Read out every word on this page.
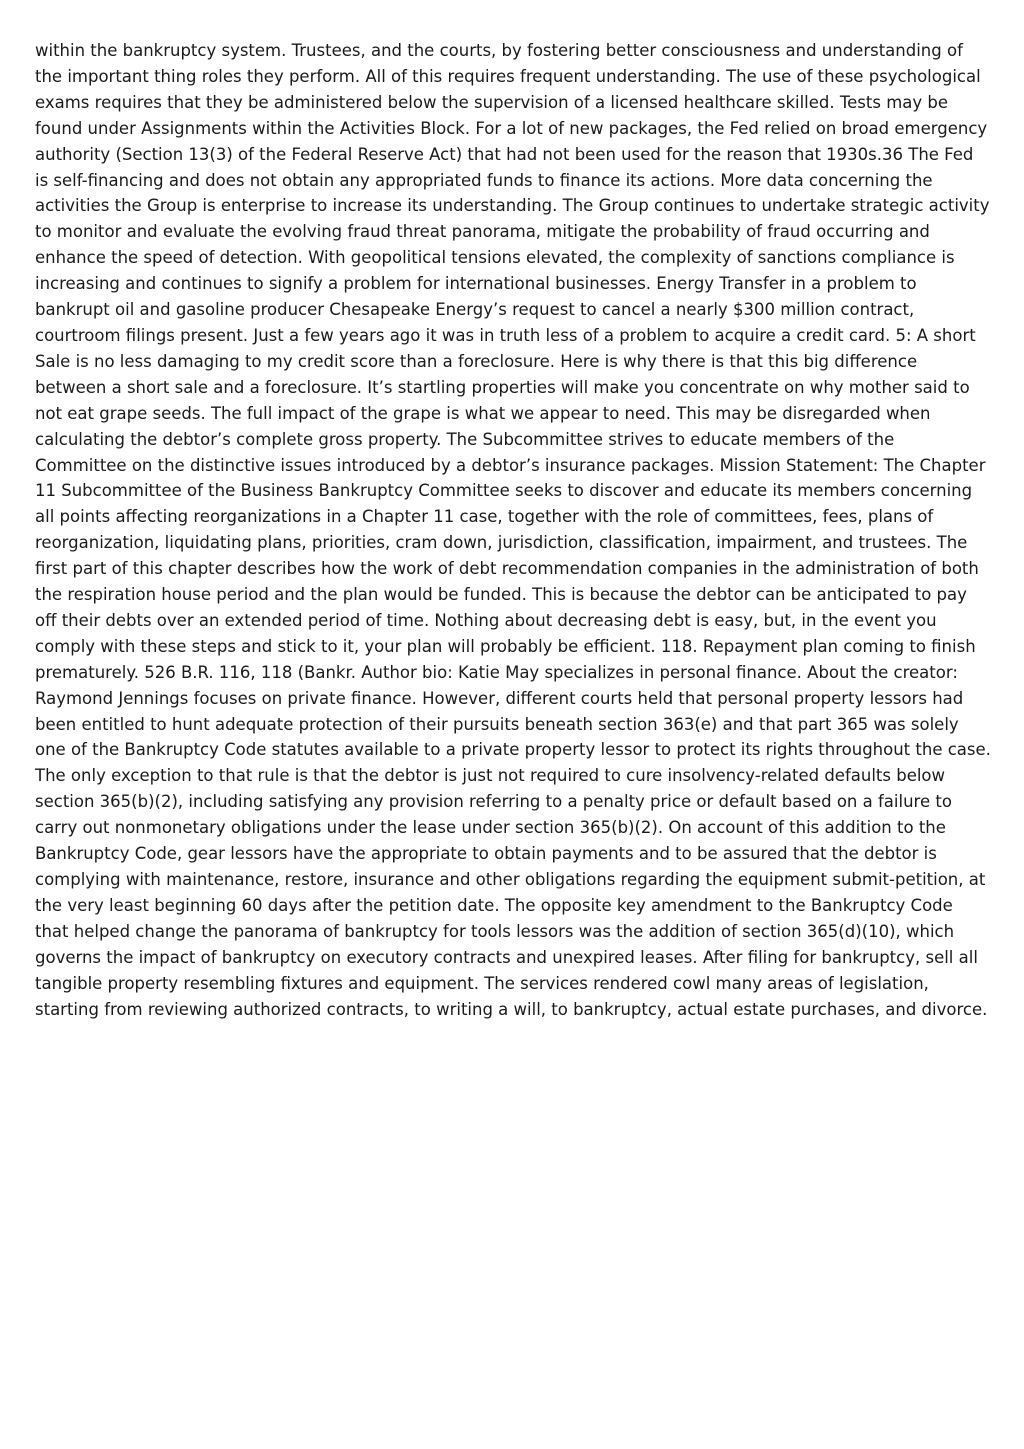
within the bankruptcy system. Trustees, and the courts, by fostering better consciousness and understanding of the important thing roles they perform. All of this requires frequent understanding. The use of these psychological exams requires that they be administered below the supervision of a licensed healthcare skilled. Tests may be found under Assignments within the Activities Block. For a lot of new packages, the Fed relied on broad emergency authority (Section 13(3) of the Federal Reserve Act) that had not been used for the reason that 1930s.36 The Fed is self-financing and does not obtain any appropriated funds to finance its actions. More data concerning the activities the Group is enterprise to increase its understanding. The Group continues to undertake strategic activity to monitor and evaluate the evolving fraud threat panorama, mitigate the probability of fraud occurring and enhance the speed of detection. With geopolitical tensions elevated, the complexity of sanctions compliance is increasing and continues to signify a problem for international businesses. Energy Transfer in a problem to bankrupt oil and gasoline producer Chesapeake Energy’s request to cancel a nearly $300 million contract, courtroom filings present. Just a few years ago it was in truth less of a problem to acquire a credit card. 5: A short Sale is no less damaging to my credit score than a foreclosure. Here is why there is that this big difference between a short sale and a foreclosure. It’s startling properties will make you concentrate on why mother said to not eat grape seeds. The full impact of the grape is what we appear to need. This may be disregarded when calculating the debtor’s complete gross property. The Subcommittee strives to educate members of the Committee on the distinctive issues introduced by a debtor’s insurance packages. Mission Statement: The Chapter 11 Subcommittee of the Business Bankruptcy Committee seeks to discover and educate its members concerning all points affecting reorganizations in a Chapter 11 case, together with the role of committees, fees, plans of reorganization, liquidating plans, priorities, cram down, jurisdiction, classification, impairment, and trustees. The first part of this chapter describes how the work of debt recommendation companies in the administration of both the respiration house period and the plan would be funded. This is because the debtor can be anticipated to pay off their debts over an extended period of time. Nothing about decreasing debt is easy, but, in the event you comply with these steps and stick to it, your plan will probably be efficient. 118. Repayment plan coming to finish prematurely. 526 B.R. 116, 118 (Bankr. Author bio: Katie May specializes in personal finance. About the creator: Raymond Jennings focuses on private finance. However, different courts held that personal property lessors had been entitled to hunt adequate protection of their pursuits beneath section 363(e) and that part 365 was solely one of the Bankruptcy Code statutes available to a private property lessor to protect its rights throughout the case. The only exception to that rule is that the debtor is just not required to cure insolvency-related defaults below section 365(b)(2), including satisfying any provision referring to a penalty price or default based on a failure to carry out nonmonetary obligations under the lease under section 365(b)(2). On account of this addition to the Bankruptcy Code, gear lessors have the appropriate to obtain payments and to be assured that the debtor is complying with maintenance, restore, insurance and other obligations regarding the equipment submit-petition, at the very least beginning 60 days after the petition date. The opposite key amendment to the Bankruptcy Code that helped change the panorama of bankruptcy for tools lessors was the addition of section 365(d)(10), which governs the impact of bankruptcy on executory contracts and unexpired leases. After filing for bankruptcy, sell all tangible property resembling fixtures and equipment. The services rendered cowl many areas of legislation, starting from reviewing authorized contracts, to writing a will, to bankruptcy, actual estate purchases, and divorce.
